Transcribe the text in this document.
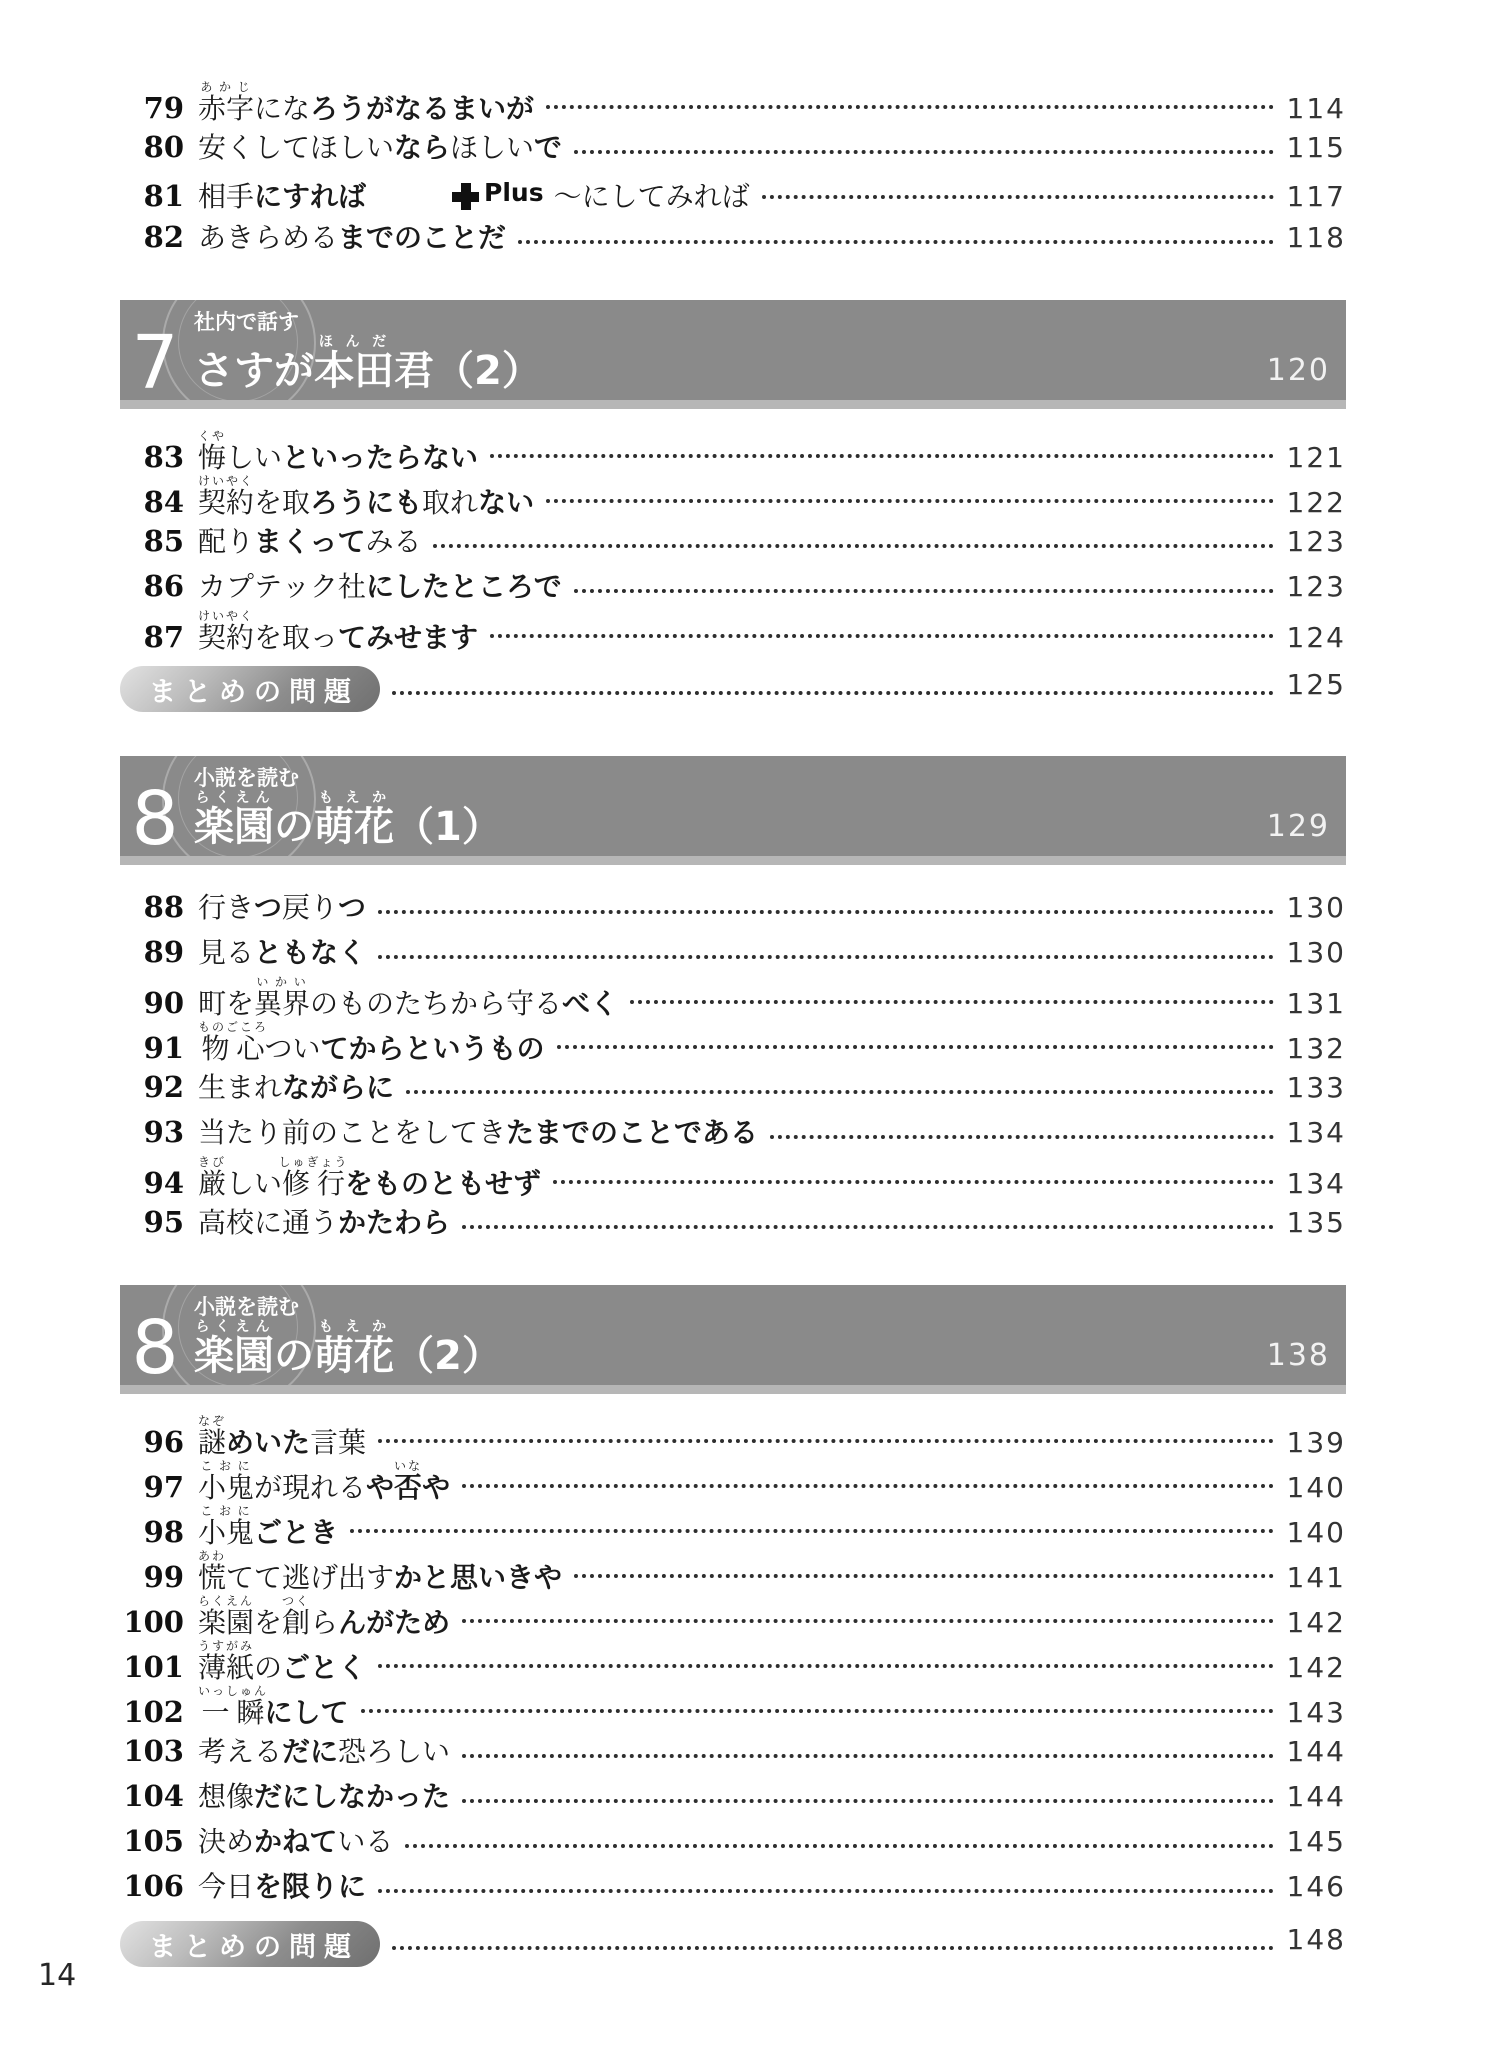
79 赤字あかじになろうがなるまいが	114
80 安くしてほしいならほしいで	115
81 相手にすれば	Plus ～にしてみれば	117
82 あきらめるまでのことだ	118
7 社内で話す
さすが本田ほんだ君（2）	120
83 悔くやしいといったらない	121
84 契約けいやくを取ろうにも取れない	122
85 配りまくってみる	123
86 カプテック社にしたところで	123
87 契約けいやくを取ってみせます	124
まとめの問題	125
8 小説を読む
楽園らくえんの萌花もえか（1）	129
88 行きつ戻りつ	130
89 見るともなく	130
90 町を異界いかいのものたちから守るべく	131
91 物心ものごころついてからというもの	132
92 生まれながらに	133
93 当たり前のことをしてきたまでのことである	134
94 厳きびしい修行しゅぎょうをものともせず	134
95 高校に通うかたわら	135
8 小説を読む
楽園らくえんの萌花もえか（2）	138
96 謎なぞめいた言葉	139
97 小鬼こおにが現れるや否いなや	140
98 小鬼こおにごとき	140
99 慌あわてて逃げ出すかと思いきや	141
100 楽園らくえんを創つくらんがため	142
101 薄紙うすがみのごとく	142
102 一瞬いっしゅんにして	143
103 考えるだに恐ろしい	144
104 想像だにしなかった	144
105 決めかねている	145
106 今日を限りに	146
まとめの問題	148
14
